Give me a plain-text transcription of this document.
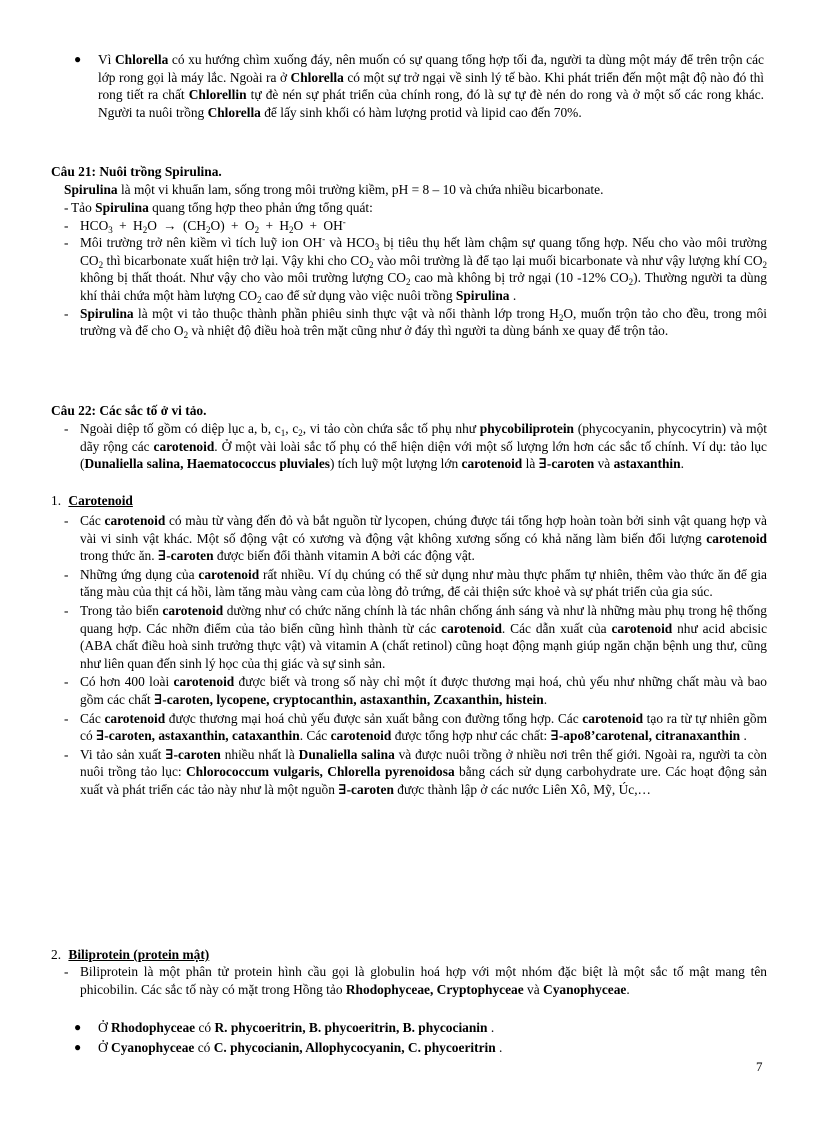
● Vì Chlorella có xu hướng chìm xuống đáy, nên muốn có sự quang tổng hợp tối đa, người ta dùng một máy để trên trộn các lớp rong gọi là máy lắc. Ngoài ra ở Chlorella có một sự trở ngại về sinh lý tế bào. Khi phát triển đến một mật độ nào đó thì rong tiết ra chất Chlorellin tự đè nén sự phát triển của chính rong, đó là sự tự đè nén do rong và ở một số các rong khác. Người ta nuôi trồng Chlorella để lấy sinh khối có hàm lượng protid và lipid cao đến 70%.

Câu 21: Nuôi trồng Spirulina.

Spirulina là một vi khuẩn lam, sống trong môi trường kiềm, pH = 8 – 10 và chứa nhiều bicarbonate.

- Tảo Spirulina quang tổng hợp theo phản ứng tổng quát:

- $HCO_3 + H_2O \to (CH_2O) + O_2 + H_2O + OH^-$

- Môi trường trở nên kiềm vì tích luỹ ion OH- và $HCO_3$ bị tiêu thụ hết làm chậm sự quang tổng hợp. Nếu cho vào môi trường $CO_2$ thì bicarbonate xuất hiện trở lại. Vậy khi cho $CO_2$ vào môi trường là để tạo lại muối bicarbonate và như vậy lượng khí $CO_2$ không bị thất thoát. Như vậy cho vào môi trường lượng $CO_2$ cao mà không bị trở ngại (10 -12% $CO_2$). Thường người ta dùng khí thải chứa một hàm lượng $CO_2$ cao để sử dụng vào việc nuôi trồng Spirulina .

- Spirulina là một vi tảo thuộc thành phần phiêu sinh thực vật và nổi thành lớp trong $H_2O$, muốn trộn tảo cho đều, trong môi trường và để cho $O_2$ và nhiệt độ điều hoà trên mặt cũng như ở đáy thì người ta dùng bánh xe quay để trộn tảo.

Câu 22: Các sắc tố ở vi tảo.
- Ngoài diệp tố gồm có diệp lục a, b, $c_1$, $c_2$, vi tảo còn chứa sắc tố phụ như phycobiliprotein (phycocyanin, phycocytrin) và một dãy rộng các carotenoid. Ở một vài loài sắc tố phụ có thể hiện diện với một số lượng lớn hơn các sắc tố chính. Ví dụ: tảo lục (Dunaliella salina, Haematococcus pluviales) tích luỹ một lượng lớn carotenoid là ∃-caroten và astaxanthin.

1. Carotenoid
- Các carotenoid có màu từ vàng đến đỏ và bắt nguồn từ lycopen, chúng được tái tổng hợp hoàn toàn bởi sinh vật quang hợp và vài vi sinh vật khác. Một số động vật có xương và động vật không xương sống có khả năng làm biến đổi lượng carotenoid trong thức ăn. ∃-caroten được biến đổi thành vitamin A bởi các động vật.

- Những ứng dụng của carotenoid rất nhiều. Ví dụ chúng có thể sử dụng như màu thực phẩm tự nhiên, thêm vào thức ăn để gia tăng màu của thịt cá hồi, làm tăng màu vàng cam của lòng đỏ trứng, để cải thiện sức khoẻ và sự phát triển của gia súc.

- Trong tảo biển carotenoid dường như có chức năng chính là tác nhân chống ánh sáng và như là những màu phụ trong hệ thống quang hợp. Các nhỡn điểm của tảo biển cũng hình thành từ các carotenoid. Các dẫn xuất của carotenoid như acid abcisic (ABA chất điều hoà sinh trưởng thực vật) và vitamin A (chất retinol) cũng hoạt động mạnh giúp ngăn chặn bệnh ung thư, cũng như liên quan đến sinh lý học của thị giác và sự sinh sản.

- Có hơn 400 loài carotenoid được biết và trong số này chỉ một ít được thương mại hoá, chủ yếu như những chất màu và bao gồm các chất ∃-caroten, lycopene, cryptocanthin, astaxanthin, Zcaxanthin, histein.

- Các carotenoid được thương mại hoá chủ yếu được sản xuất bằng con đường tổng hợp. Các carotenoid tạo ra từ tự nhiên gồm có ∃-caroten, astaxanthin, cataxanthin. Các carotenoid được tổng hợp như các chất: ∃-apo8’carotenal, citranaxanthin .

- Vi tảo sản xuất ∃-caroten nhiều nhất là Dunaliella salina và được nuôi trồng ở nhiều nơi trên thế giới. Ngoài ra, người ta còn nuôi trồng tảo lục: Chlorococcum vulgaris, Chlorella pyrenoidosa bằng cách sử dụng carbohydrate ure. Các hoạt động sản xuất và phát triển các tảo này như là một nguồn ∃-caroten được thành lập ở các nước Liên Xô, Mỹ, Úc,…

2. Biliprotein (protein mật)
- Biliprotein là một phân tử protein hình cầu gọi là globulin hoá hợp với một nhóm đặc biệt là một sắc tố mật mang tên phicobilin. Các sắc tố này có mặt trong Hồng tảo Rhodophyceae, Cryptophyceae và Cyanophyceae.

● Ở Rhodophyceae có R. phycoeritrin, B. phycoeritrin, B. phycocianin .

● Ở Cyanophyceae có C. phycocianin, Allophycocyanin, C. phycoeritrin .

7
